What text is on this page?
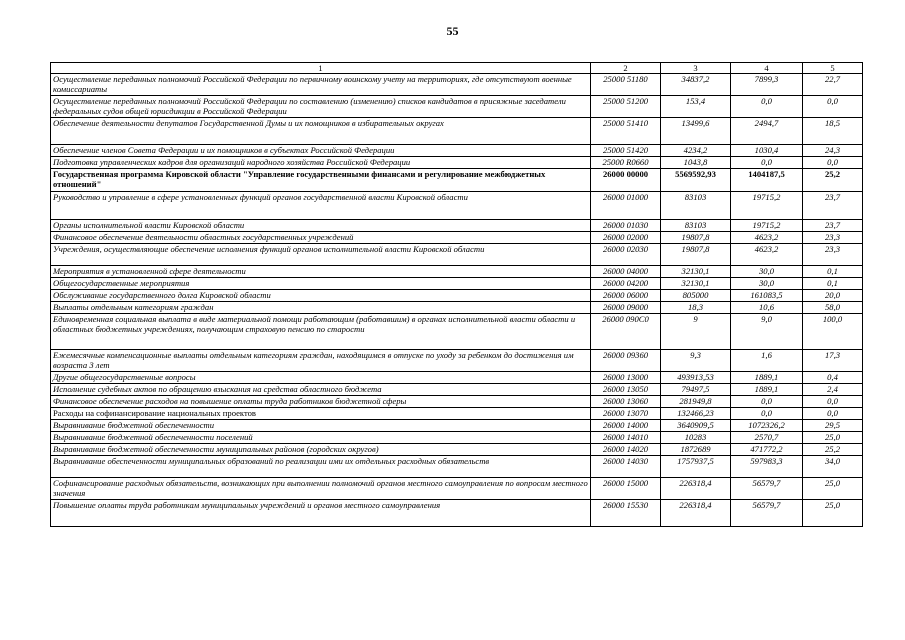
55
1	2	3	4	5
Осуществление переданных полномочий Российской Федерации по первичному воинскому учету на территориях, где отсутствуют военные комиссариаты	25000 51180	34837,2	7899,3	22,7
Осуществление переданных полномочий Российской Федерации по составлению (изменению) списков кандидатов в присяжные заседатели федеральных судов общей юрисдикции в Российской Федерации	25000 51200	153,4	0,0	0,0
Обеспечение деятельности депутатов Государственной Думы и их помощников в избирательных округах	25000 51410	13499,6	2494,7	18,5
Обеспечение членов Совета Федерации и их помощников в субъектах Российской Федерации	25000 51420	4234,2	1030,4	24,3
Подготовка управленческих кадров для организаций народного хозяйства Российской Федерации	25000 R0660	1043,8	0,0	0,0
Государственная программа Кировской области "Управление государственными финансами и регулирование межбюджетных отношений"	26000 00000	5569592,93	1404187,5	25,2
Руководство и управление в сфере установленных функций органов государственной власти Кировской области	26000 01000	83103	19715,2	23,7
Органы исполнительной власти Кировской области	26000 01030	83103	19715,2	23,7
Финансовое обеспечение деятельности областных государственных учреждений	26000 02000	19807,8	4623,2	23,3
Учреждения, осуществляющие обеспечение исполнения функций органов исполнительной власти Кировской области	26000 02030	19807,8	4623,2	23,3
Мероприятия в установленной сфере деятельности	26000 04000	32130,1	30,0	0,1
Общегосударственные мероприятия	26000 04200	32130,1	30,0	0,1
Обслуживание государственного долга Кировской области	26000 06000	805000	161083,5	20,0
Выплаты отдельным категориям граждан	26000 09000	18,3	10,6	58,0
Единовременная социальная выплата в виде материальной помощи работающим (работавшим) в органах исполнительной власти области и областных бюджетных учреждениях, получающим страховую пенсию по старости	26000 090С0	9	9,0	100,0
Ежемесячные компенсационные выплаты отдельным категориям граждан, находящимся в отпуске по уходу за ребенком до достижения им возраста 3 лет	26000 09360	9,3	1,6	17,3
Другие общегосударственные вопросы	26000 13000	493913,53	1889,1	0,4
Исполнение судебных актов по обращению взыскания на средства областного бюджета	26000 13050	79497,5	1889,1	2,4
Финансовое обеспечение расходов на повышение оплаты труда работников бюджетной сферы	26000 13060	281949,8	0,0	0,0
Расходы на софинансирование национальных проектов	26000 13070	132466,23	0,0	0,0
Выравнивание бюджетной обеспеченности	26000 14000	3640909,5	1072326,2	29,5
Выравнивание бюджетной обеспеченности поселений	26000 14010	10283	2570,7	25,0
Выравнивание бюджетной обеспеченности муниципальных районов (городских округов)	26000 14020	1872689	471772,2	25,2
Выравнивание обеспеченности муниципальных образований по реализации ими их отдельных расходных обязательств	26000 14030	1757937,5	597983,3	34,0
Софинансирование расходных обязательств, возникающих при выполнении полномочий органов местного самоуправления по вопросам местного значения	26000 15000	226318,4	56579,7	25,0
Повышение оплаты труда работникам муниципальных учреждений и органов местного самоуправления	26000 15530	226318,4	56579,7	25,0
